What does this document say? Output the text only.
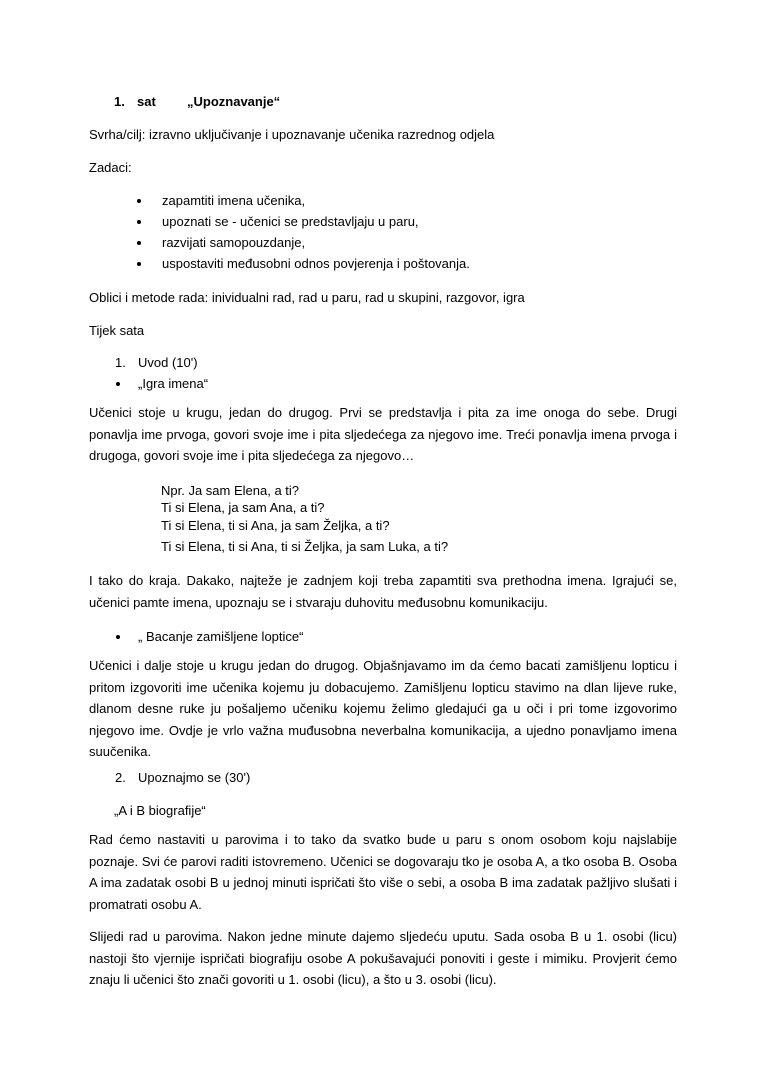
1. sat „Upoznavanje“
Svrha/cilj: izravno uključivanje i upoznavanje učenika razrednog odjela
Zadaci:
zapamtiti imena učenika,
upoznati se - učenici se predstavljaju u paru,
razvijati samopouzdanje,
uspostaviti međusobni odnos povjerenja i poštovanja.
Oblici i metode rada: inividualni rad, rad u paru, rad u skupini, razgovor, igra
Tijek sata
1. Uvod (10')
„Igra imena“

Učenici stoje u krugu, jedan do drugog. Prvi se predstavlja i pita za ime onoga do sebe. Drugi ponavlja ime prvoga, govori svoje ime i pita sljedećega za njegovo ime. Treći ponavlja imena prvoga i drugoga, govori svoje ime i pita sljedećega za njegovo…

Npr. Ja sam Elena, a ti?
Ti si Elena, ja sam Ana, a ti?
Ti si Elena, ti si Ana, ja sam Željka, a ti?
Ti si Elena, ti si Ana, ti si Željka, ja sam Luka, a ti?

I tako do kraja. Dakako, najteže je zadnjem koji treba zapamtiti sva prethodna imena. Igrajući se, učenici pamte imena, upoznaju se i stvaraju duhovitu međusobnu komunikaciju.

„ Bacanje zamišljene loptice“

Učenici i dalje stoje u krugu jedan do drugog. Objašnjavamo im da ćemo bacati zamišljenu lopticu i pritom izgovoriti ime učenika kojemu ju dobacujemo. Zamišljenu lopticu stavimo na dlan lijeve ruke, dlanom desne ruke ju pošaljemo učeniku kojemu želimo gledajući ga u oči i pri tome izgovorimo njegovo ime. Ovdje je vrlo važna muđusobna neverbalna komunikacija, a ujedno ponavljamo imena suučenika.

2. Upoznajmo se (30')
„A i B biografije“

Rad ćemo nastaviti u parovima i to tako da svatko bude u paru s onom osobom koju najslabije poznaje. Svi će parovi raditi istovremeno. Učenici se dogovaraju tko je osoba A, a tko osoba B. Osoba A ima zadatak osobi B u jednoj minuti ispričati što više o sebi, a osoba B ima zadatak pažljivo slušati i promatrati osobu A.

Slijedi rad u parovima. Nakon jedne minute dajemo sljedeću uputu. Sada osoba B u 1. osobi (licu) nastoji što vjernije ispričati biografiju osobe A pokušavajući ponoviti i geste i mimiku. Provjerit ćemo znaju li učenici što znači govoriti u 1. osobi (licu), a što u 3. osobi (licu).
